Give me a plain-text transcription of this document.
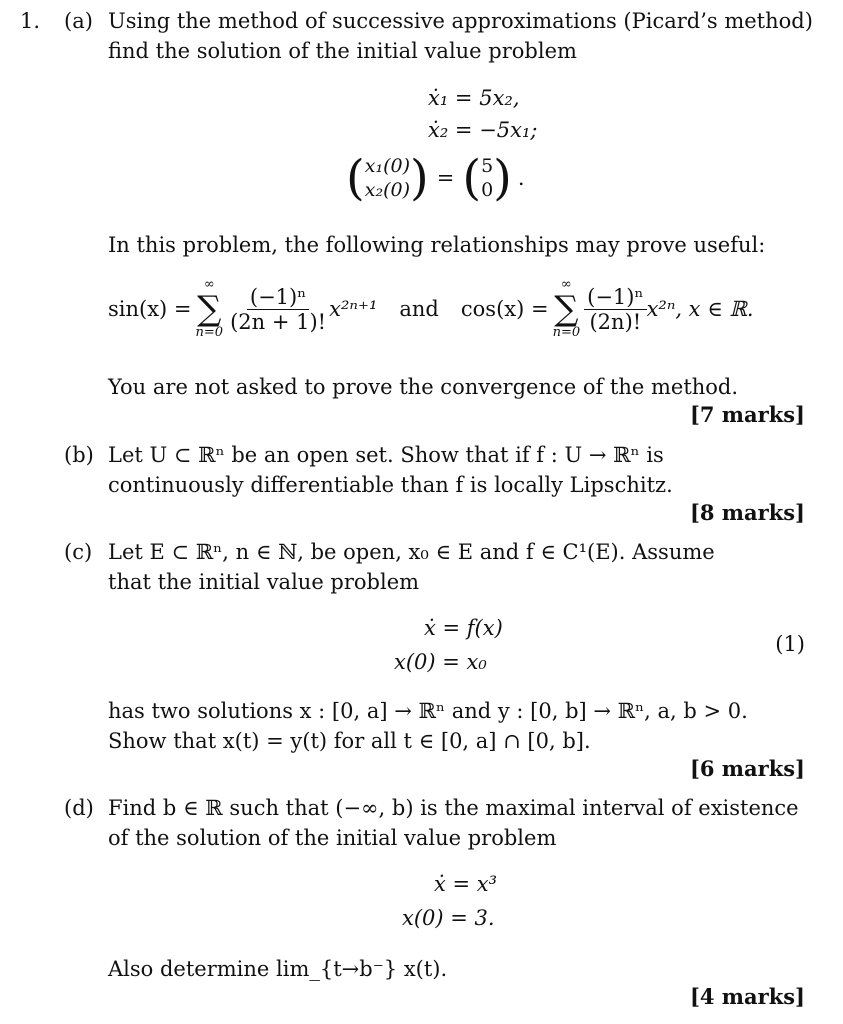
1. (a) Using the method of successive approximations (Picard’s method)
find the solution of the initial value problem
ẋ₁ = 5x₂,
ẋ₂ = −5x₁;
( x₁(0)
x₂(0) ) = ( 5
0 ) .
In this problem, the following relationships may prove useful:
sin(x) =
∞
∑
$n=0 \frac{\text{(−1)ⁿ}}{(2n + 1)!} x^{2n+1}$ and cos(x) =
∞
∑
$n=0 \frac{\text{(−1)ⁿ}}{(2n)!} x^{2n}$, x ∈ ℝ.
You are not asked to prove the convergence of the method.
[7 marks]
(b) Let U ⊂ ℝⁿ be an open set. Show that if f : U → ℝⁿ is
continuously differentiable than f is locally Lipschitz.
[8 marks]
(c) Let E ⊂ ℝⁿ, n ∈ ℕ, be open, x₀ ∈ E and f ∈ C¹(E). Assume
that the initial value problem
ẋ = f(x)
x(0) = x₀
(1)
has two solutions x : [0, a] → ℝⁿ and y : [0, b] → ℝⁿ, a, b > 0.
Show that x(t) = y(t) for all t ∈ [0, a] ∩ [0, b].
[6 marks]
(d) Find b ∈ ℝ such that (−∞, b) is the maximal interval of existence
of the solution of the initial value problem
ẋ = x³
x(0) = 3.
Also determine lim_{t→b⁻} x(t).
[4 marks]
